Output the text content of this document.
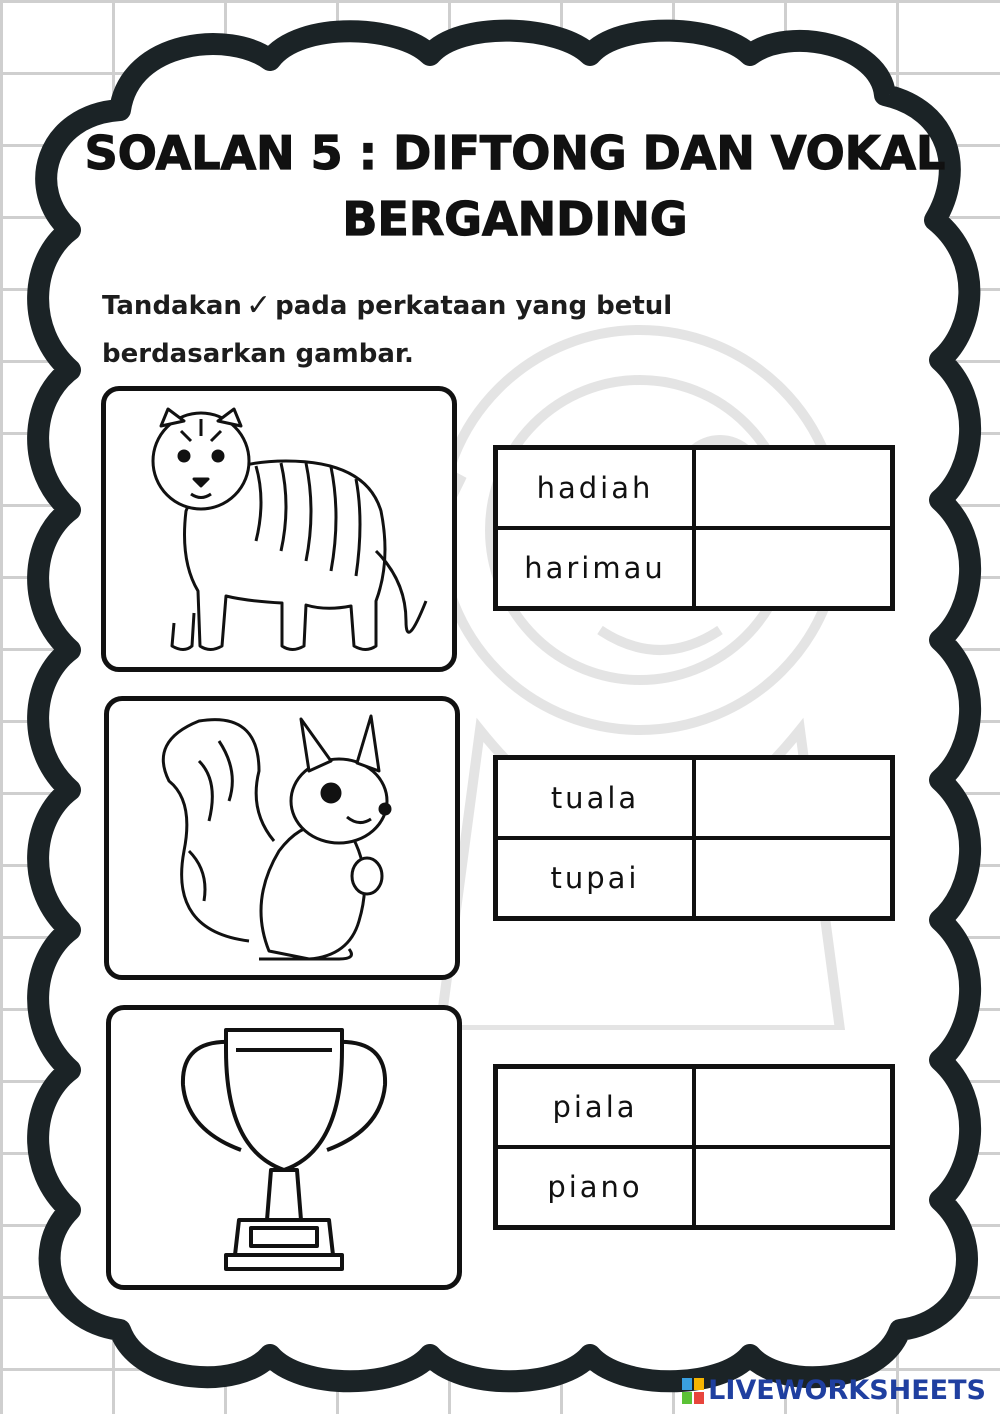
SOALAN 5 : DIFTONG DAN VOKAL
BERGANDING
Tandakan ✓ pada perkataan yang betul
berdasarkan gambar.
hadiah	
harimau	
tuala	
tupai	
piala	
piano	
LIVEWORKSHEETS
